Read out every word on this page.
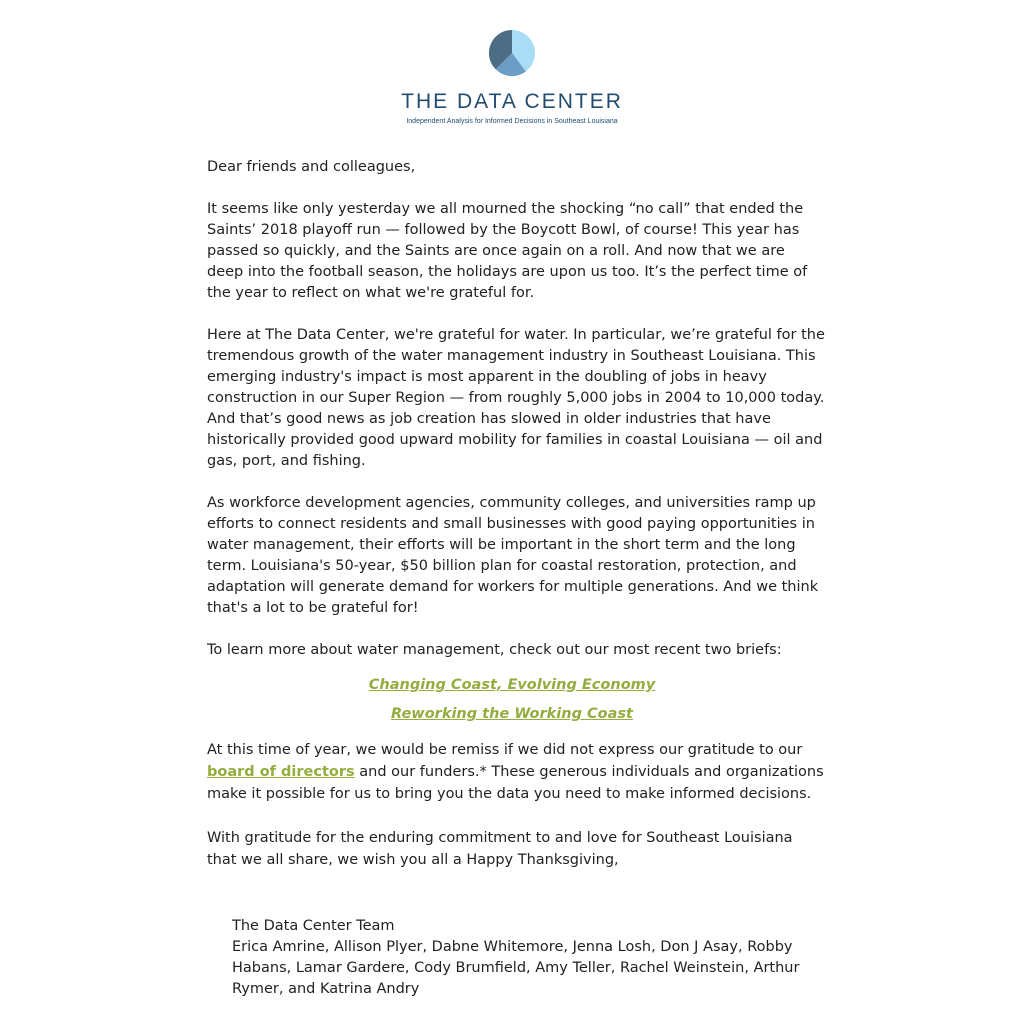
THE DATA CENTER
Independent Analysis for Informed Decisions in Southeast Louisiana

Dear friends and colleagues,

It seems like only yesterday we all mourned the shocking “no call” that ended the Saints’ 2018 playoff run — followed by the Boycott Bowl, of course! This year has passed so quickly, and the Saints are once again on a roll. And now that we are deep into the football season, the holidays are upon us too. It’s the perfect time of the year to reflect on what we're grateful for.

Here at The Data Center, we're grateful for water. In particular, we’re grateful for the tremendous growth of the water management industry in Southeast Louisiana. This emerging industry's impact is most apparent in the doubling of jobs in heavy construction in our Super Region — from roughly 5,000 jobs in 2004 to 10,000 today. And that’s good news as job creation has slowed in older industries that have historically provided good upward mobility for families in coastal Louisiana — oil and gas, port, and fishing.

As workforce development agencies, community colleges, and universities ramp up efforts to connect residents and small businesses with good paying opportunities in water management, their efforts will be important in the short term and the long term. Louisiana's 50-year, $50 billion plan for coastal restoration, protection, and adaptation will generate demand for workers for multiple generations. And we think that's a lot to be grateful for!

To learn more about water management, check out our most recent two briefs:

Changing Coast, Evolving Economy
Reworking the Working Coast

At this time of year, we would be remiss if we did not express our gratitude to our board of directors and our funders.* These generous individuals and organizations make it possible for us to bring you the data you need to make informed decisions.

With gratitude for the enduring commitment to and love for Southeast Louisiana that we all share, we wish you all a Happy Thanksgiving,

The Data Center Team
Erica Amrine, Allison Plyer, Dabne Whitemore, Jenna Losh, Don J Asay, Robby Habans, Lamar Gardere, Cody Brumfield, Amy Teller, Rachel Weinstein, Arthur Rymer, and Katrina Andry
